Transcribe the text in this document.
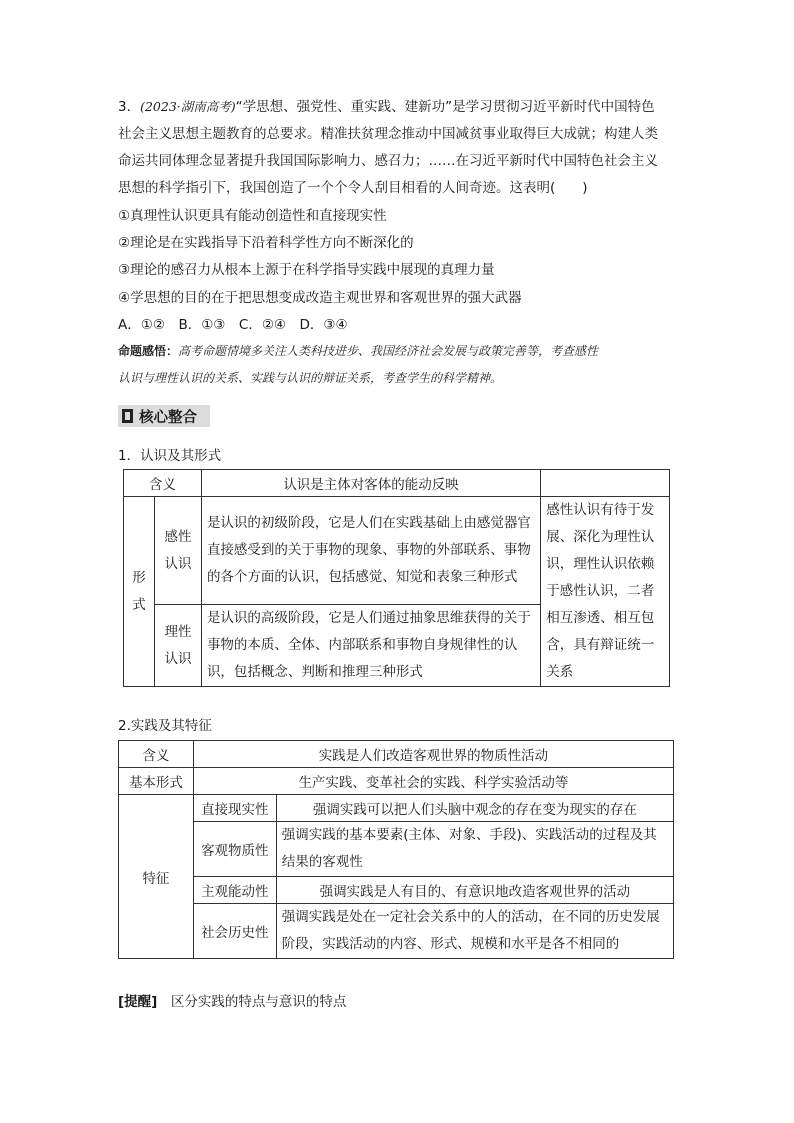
3．(2023·湖南高考)“学思想、强党性、重实践、建新功”是学习贯彻习近平新时代中国特色
社会主义思想主题教育的总要求。精准扶贫理念推动中国减贫事业取得巨大成就；构建人类
命运共同体理念显著提升我国国际影响力、感召力；……在习近平新时代中国特色社会主义
思想的科学指引下，我国创造了一个个令人刮目相看的人间奇迹。这表明(　　)
①真理性认识更具有能动创造性和直接现实性
②理论是在实践指导下沿着科学性方向不断深化的
③理论的感召力从根本上源于在科学指导实践中展现的真理力量
④学思想的目的在于把思想变成改造主观世界和客观世界的强大武器
A．①②　B．①③　C．②④　D．③④
命题感悟：高考命题情境多关注人类科技进步、我国经济社会发展与政策完善等，考查感性
认识与理性认识的关系、实践与认识的辩证关系，考查学生的科学精神。
核心整合
1．认识及其形式
含义		认识是主体对客体的能动反映	
形式	感性认识	是认识的初级阶段，它是人们在实践基础上由感觉器官直接感受到的关于事物的现象、事物的外部联系、事物的各个方面的认识，包括感觉、知觉和表象三种形式	感性认识有待于发展、深化为理性认识，理性认识依赖于感性认识，二者相互渗透、相互包含，具有辩证统一关系
	理性认识	是认识的高级阶段，它是人们通过抽象思维获得的关于事物的本质、全体、内部联系和事物自身规律性的认识，包括概念、判断和推理三种形式	
2.实践及其特征
含义	实践是人们改造客观世界的物质性活动	
基本形式	生产实践、变革社会的实践、科学实验活动等	
特征	直接现实性	强调实践可以把人们头脑中观念的存在变为现实的存在
	客观物质性	强调实践的基本要素(主体、对象、手段)、实践活动的过程及其结果的客观性
	主观能动性	强调实践是人有目的、有意识地改造客观世界的活动
	社会历史性	强调实践是处在一定社会关系中的人的活动，在不同的历史发展阶段，实践活动的内容、形式、规模和水平是各不相同的
[提醒]　 区分实践的特点与意识的特点
